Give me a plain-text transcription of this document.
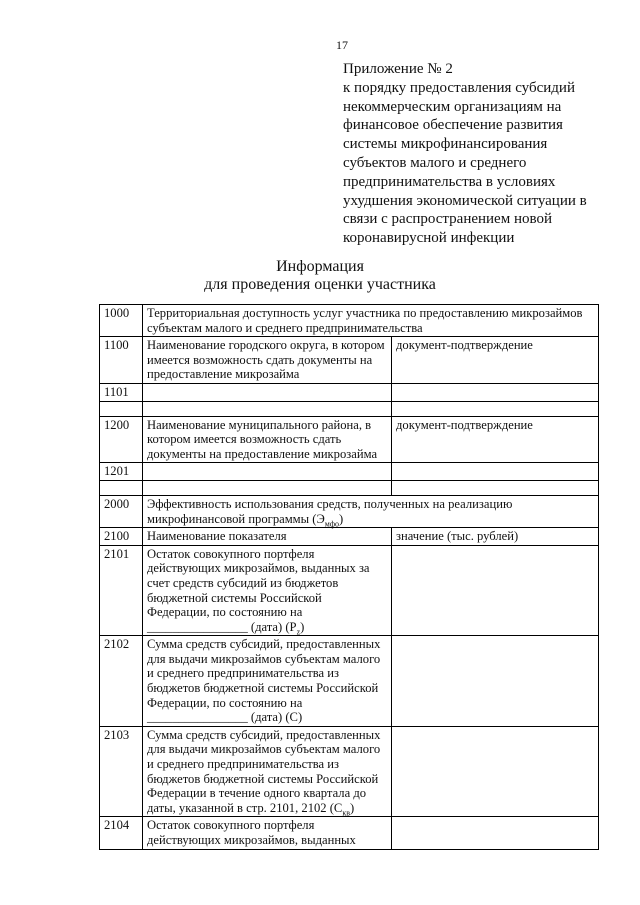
17
Приложение № 2
к порядку предоставления субсидий
некоммерческим организациям на
финансовое обеспечение развития
системы микрофинансирования
субъектов малого и среднего
предпринимательства в условиях
ухудшения экономической ситуации в
связи с распространением новой
коронавирусной инфекции
Информация
для проведения оценки участника
1000	Территориальная доступность услуг участника по предоставлению микрозаймов субъектам малого и среднего предпринимательства	
1100	Наименование городского округа, в котором имеется возможность сдать документы на предоставление микрозайма	документ-подтверждение
1101		

1200	Наименование муниципального района, в котором имеется возможность сдать документы на предоставление микрозайма	документ-подтверждение
1201		

2000	Эффективность использования средств, полученных на реализацию микрофинансовой программы $(Э_{мфо})$	
2100	Наименование показателя	значение (тыс. рублей)
2101	Остаток совокупного портфеля действующих микрозаймов, выданных за счет средств субсидий из бюджетов бюджетной системы Российской Федерации, по состоянию на
________________ (дата) $(P_z)$	
2102	Сумма средств субсидий, предоставленных для выдачи микрозаймов субъектам малого и среднего предпринимательства из бюджетов бюджетной системы Российской Федерации, по состоянию на
________________ (дата) (С)	
2103	Сумма средств субсидий, предоставленных для выдачи микрозаймов субъектам малого и среднего предпринимательства из бюджетов бюджетной системы Российской Федерации в течение одного квартала до даты, указанной в стр. 2101, 2102 $(С_{кв})$	
2104	Остаток совокупного портфеля действующих микрозаймов, выданных	
